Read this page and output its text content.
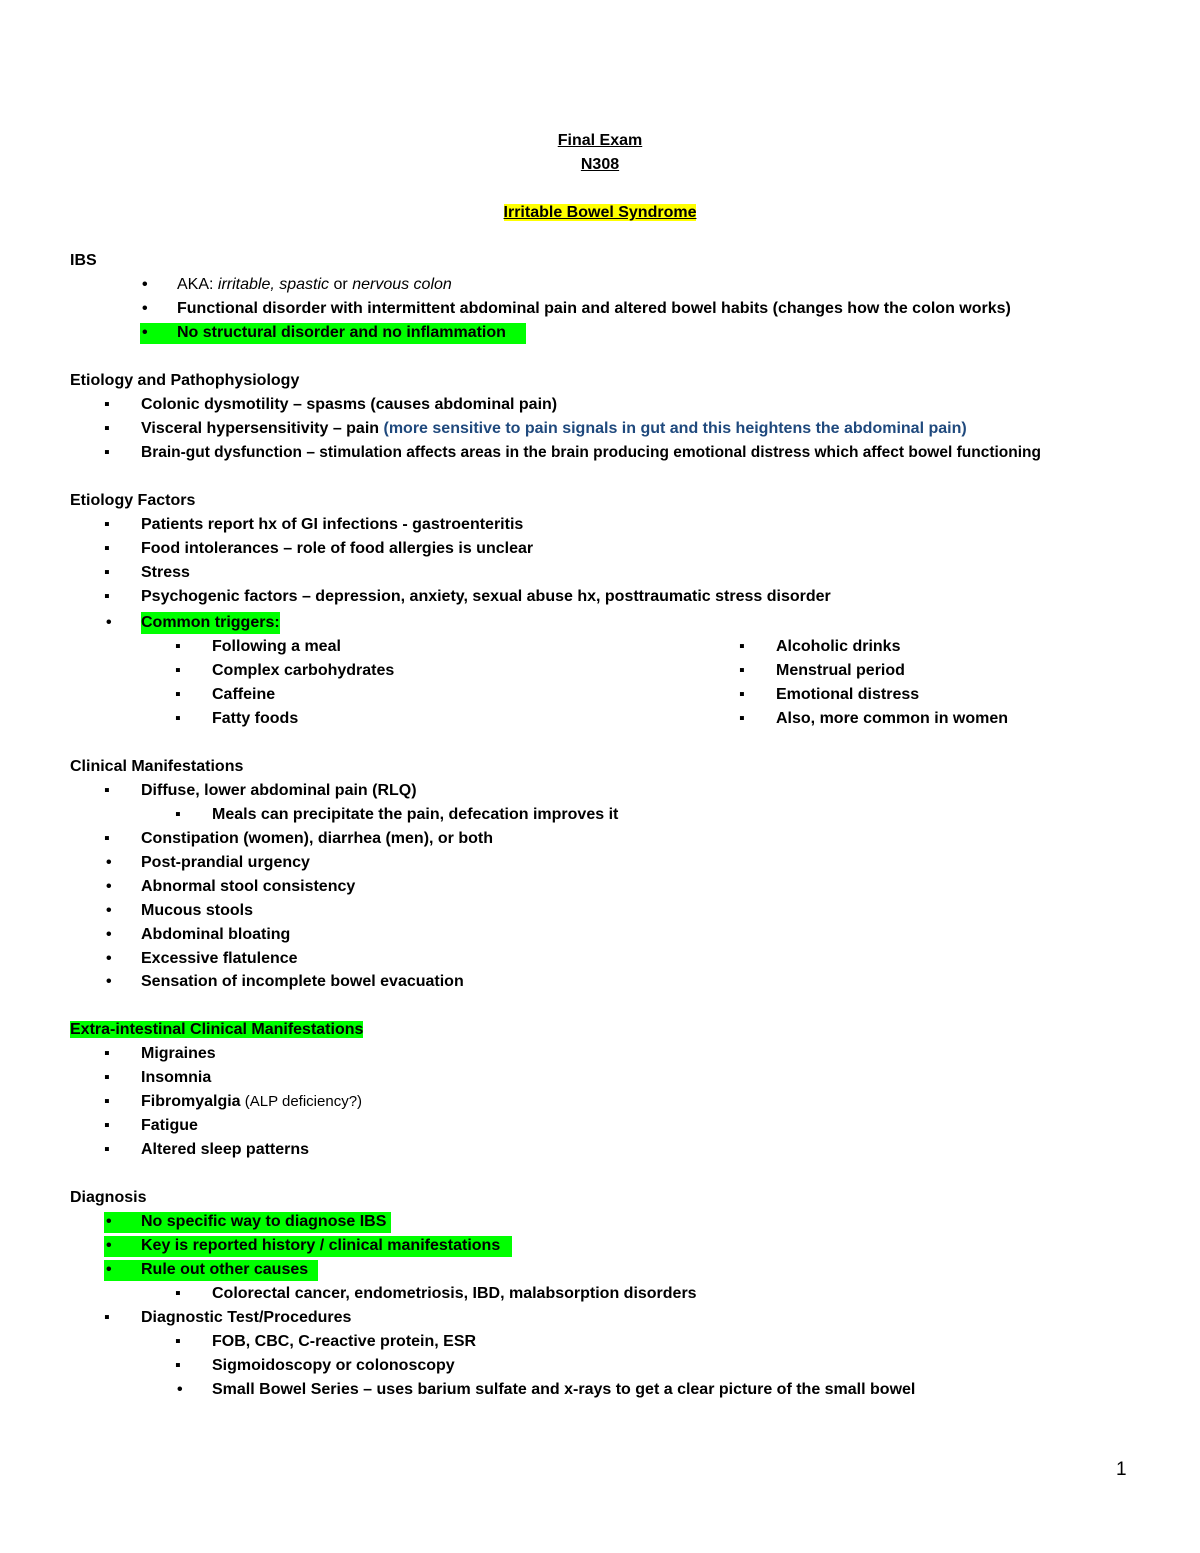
Final Exam
N308
Irritable Bowel Syndrome
IBS
• AKA: irritable, spastic or nervous colon
• Functional disorder with intermittent abdominal pain and altered bowel habits (changes how the colon works)
• No structural disorder and no inflammation
Etiology and Pathophysiology
▪ Colonic dysmotility – spasms (causes abdominal pain)
▪ Visceral hypersensitivity – pain (more sensitive to pain signals in gut and this heightens the abdominal pain)
▪ Brain-gut dysfunction – stimulation affects areas in the brain producing emotional distress which affect bowel functioning
Etiology Factors
▪ Patients report hx of GI infections - gastroenteritis
▪ Food intolerances – role of food allergies is unclear
▪ Stress
▪ Psychogenic factors – depression, anxiety, sexual abuse hx, posttraumatic stress disorder
• Common triggers:
▪ Following a meal
▪ Complex carbohydrates
▪ Caffeine
▪ Fatty foods
▪ Alcoholic drinks
▪ Menstrual period
▪ Emotional distress
▪ Also, more common in women
Clinical Manifestations
▪ Diffuse, lower abdominal pain (RLQ)
▪ Meals can precipitate the pain, defecation improves it
▪ Constipation (women), diarrhea (men), or both
• Post-prandial urgency
• Abnormal stool consistency
• Mucous stools
• Abdominal bloating
• Excessive flatulence
• Sensation of incomplete bowel evacuation
Extra-intestinal Clinical Manifestations
▪ Migraines
▪ Insomnia
▪ Fibromyalgia (ALP deficiency?)
▪ Fatigue
▪ Altered sleep patterns
Diagnosis
• No specific way to diagnose IBS
• Key is reported history / clinical manifestations
• Rule out other causes
▪ Colorectal cancer, endometriosis, IBD, malabsorption disorders
▪ Diagnostic Test/Procedures
▪ FOB, CBC, C-reactive protein, ESR
▪ Sigmoidoscopy or colonoscopy
• Small Bowel Series – uses barium sulfate and x-rays to get a clear picture of the small bowel
1
